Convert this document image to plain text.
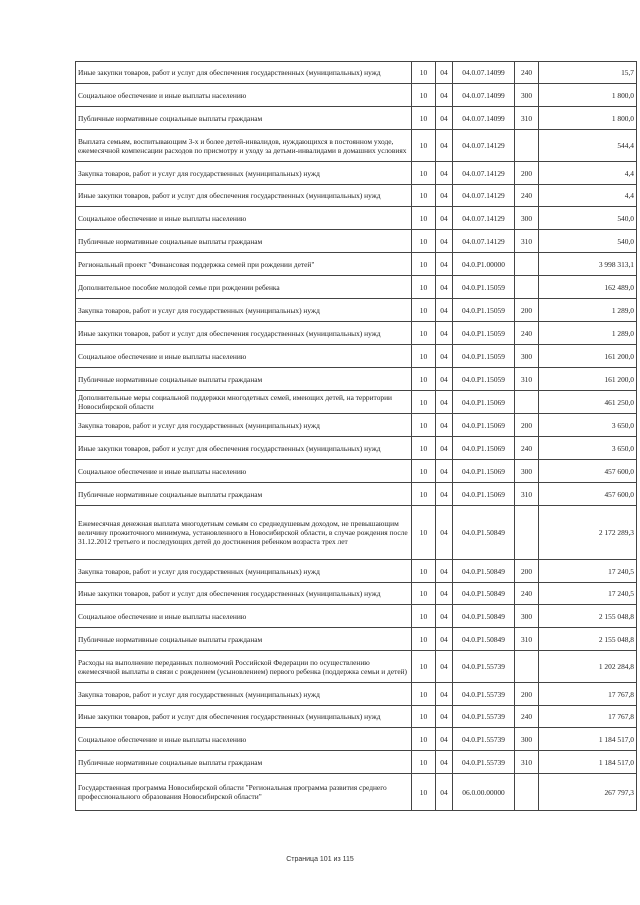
Иные закупки товаров, работ и услуг для обеспечения государственных (муниципальных) нужд	10	04	04.0.07.14099	240	15,7
Социальное обеспечение и иные выплаты населению	10	04	04.0.07.14099	300	1 800,0
Публичные нормативные социальные выплаты гражданам	10	04	04.0.07.14099	310	1 800,0
Выплата семьям, воспитывающим 3-х и более детей-инвалидов, нуждающихся в постоянном уходе, ежемесячной компенсации расходов по присмотру и уходу за детьми-инвалидами в домашних условиях	10	04	04.0.07.14129		544,4
Закупка товаров, работ и услуг для государственных (муниципальных) нужд	10	04	04.0.07.14129	200	4,4
Иные закупки товаров, работ и услуг для обеспечения государственных (муниципальных) нужд	10	04	04.0.07.14129	240	4,4
Социальное обеспечение и иные выплаты населению	10	04	04.0.07.14129	300	540,0
Публичные нормативные социальные выплаты гражданам	10	04	04.0.07.14129	310	540,0
Региональный проект "Финансовая поддержка семей при рождении детей"	10	04	04.0.P1.00000		3 998 313,1
Дополнительное пособие молодой семье при рождении ребенка	10	04	04.0.P1.15059		162 489,0
Закупка товаров, работ и услуг для государственных (муниципальных) нужд	10	04	04.0.P1.15059	200	1 289,0
Иные закупки товаров, работ и услуг для обеспечения государственных (муниципальных) нужд	10	04	04.0.P1.15059	240	1 289,0
Социальное обеспечение и иные выплаты населению	10	04	04.0.P1.15059	300	161 200,0
Публичные нормативные социальные выплаты гражданам	10	04	04.0.P1.15059	310	161 200,0
Дополнительные меры социальной поддержки многодетных семей, имеющих детей, на территории Новосибирской области	10	04	04.0.P1.15069		461 250,0
Закупка товаров, работ и услуг для государственных (муниципальных) нужд	10	04	04.0.P1.15069	200	3 650,0
Иные закупки товаров, работ и услуг для обеспечения государственных (муниципальных) нужд	10	04	04.0.P1.15069	240	3 650,0
Социальное обеспечение и иные выплаты населению	10	04	04.0.P1.15069	300	457 600,0
Публичные нормативные социальные выплаты гражданам	10	04	04.0.P1.15069	310	457 600,0
Ежемесячная денежная выплата многодетным семьям со среднедушевым доходом, не превышающим величину прожиточного минимума, установленного в Новосибирской области, в случае рождения после 31.12.2012 третьего и последующих детей до достижения ребенком возраста трех лет	10	04	04.0.P1.50849		2 172 289,3
Закупка товаров, работ и услуг для государственных (муниципальных) нужд	10	04	04.0.P1.50849	200	17 240,5
Иные закупки товаров, работ и услуг для обеспечения государственных (муниципальных) нужд	10	04	04.0.P1.50849	240	17 240,5
Социальное обеспечение и иные выплаты населению	10	04	04.0.P1.50849	300	2 155 048,8
Публичные нормативные социальные выплаты гражданам	10	04	04.0.P1.50849	310	2 155 048,8
Расходы на выполнение переданных полномочий Российской Федерации по осуществлению ежемесячной выплаты в связи с рождением (усыновлением) первого ребенка (поддержка семьи и детей)	10	04	04.0.P1.55739		1 202 284,8
Закупка товаров, работ и услуг для государственных (муниципальных) нужд	10	04	04.0.P1.55739	200	17 767,8
Иные закупки товаров, работ и услуг для обеспечения государственных (муниципальных) нужд	10	04	04.0.P1.55739	240	17 767,8
Социальное обеспечение и иные выплаты населению	10	04	04.0.P1.55739	300	1 184 517,0
Публичные нормативные социальные выплаты гражданам	10	04	04.0.P1.55739	310	1 184 517,0
Государственная программа Новосибирской области "Региональная программа развития среднего профессионального образования Новосибирской области"	10	04	06.0.00.00000		267 797,3
Страница 101 из 115
